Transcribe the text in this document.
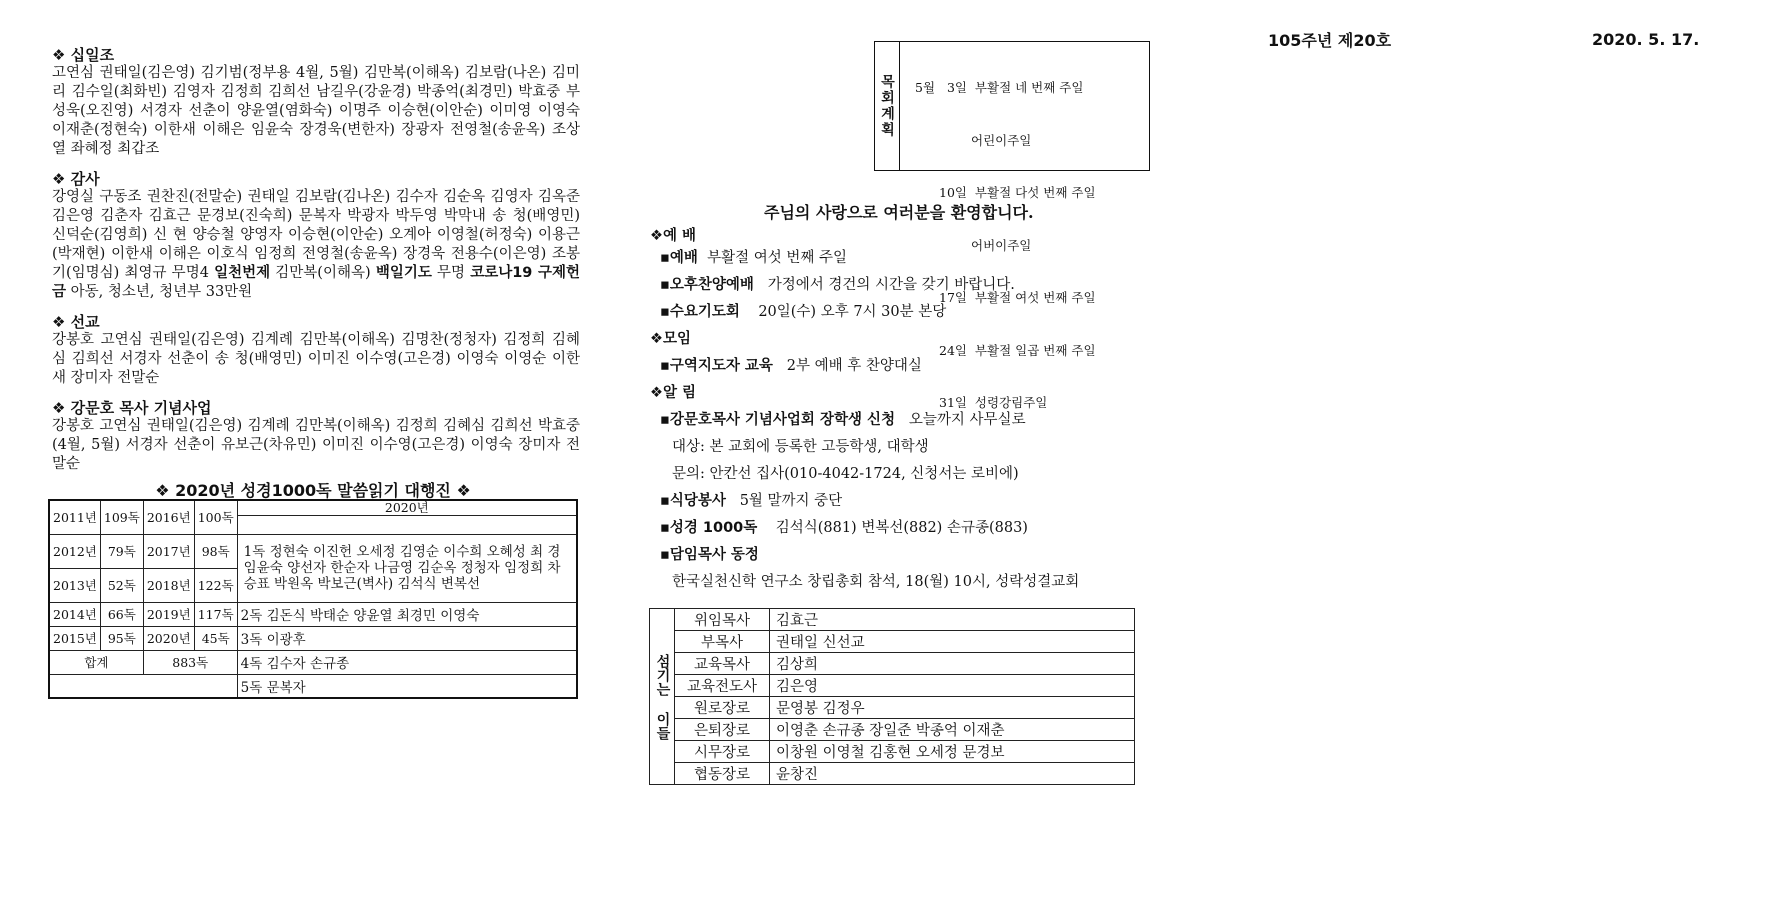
105주년 제20호	2020. 5. 17.
❖ 십일조
고연심 권태일(김은영) 김기범(정부용 4월, 5월) 김만복(이해옥) 김보람(나온) 김미리 김수일(최화빈) 김영자 김정희 김희선 남길우(강윤경) 박종억(최경민) 박효중 부성욱(오진영) 서경자 선춘이 양윤열(염화숙) 이명주 이승현(이안순) 이미영 이영숙 이재춘(정현숙) 이한새 이해은 임윤숙 장경욱(변한자) 장광자 전영철(송윤옥) 조상열 좌혜정 최갑조
❖ 감사
강영실 구동조 권찬진(전말순) 권태일 김보람(김나온) 김수자 김순옥 김영자 김옥준 김은영 김춘자 김효근 문경보(진숙희) 문복자 박광자 박두영 박막내 송 청(배영민) 신덕순(김영희) 신 현 양승철 양영자 이승현(이안순) 오계아 이영철(허정숙) 이용근(박재현) 이한새 이해은 이호식 임정희 전영철(송윤옥) 장경욱 전용수(이은영) 조봉기(임명심) 최영규 무명4 일천번제 김만복(이해옥) 백일기도 무명 코로나19 구제헌금 아동, 청소년, 청년부 33만원
❖ 선교
강봉호 고연심 권태일(김은영) 김계례 김만복(이해옥) 김명찬(정청자) 김정희 김혜심 김희선 서경자 선춘이 송 청(배영민) 이미진 이수영(고은경) 이영숙 이영순 이한새 장미자 전말순
❖ 강문호 목사 기념사업
강봉호 고연심 권태일(김은영) 김계례 김만복(이해옥) 김정희 김혜심 김희선 박효중(4월, 5월) 서경자 선춘이 유보근(차유민) 이미진 이수영(고은경) 이영숙 장미자 전말순
❖ 2020년 성경1000독 말씀읽기 대행진 ❖
2011년	109독	2016년	100독	2020년

2012년	79독	2017년	98독	1독 정현숙 이진헌 오세정 김영순 이수희 오혜성 최 경 임윤숙 양선자 한순자 나금영 김순옥 정청자 임정희 차승표 박원옥 박보근(벽사) 김석식 변복선
2013년	52독	2018년	122독	
2014년	66독	2019년	117독	2독 김돈식 박태순 양윤열 최경민 이영숙
2015년	95독	2020년	45독	3독 이광후
합계		883독		4독 김수자 손규종
				5독 문복자
목회계획

5월   3일  부활절 네 번째 주일

어린이주일

10일  부활절 다섯 번째 주일

어버이주일

17일  부활절 여섯 번째 주일

24일  부활절 일곱 번째 주일

31일  성령강림주일

주님의 사랑으로 여러분을 환영합니다.
❖예 배
▪예배 부활절 여섯 번째 주일
▪오후찬양예배 가정에서 경건의 시간을 갖기 바랍니다.
▪수요기도회 20일(수) 오후 7시 30분 본당
❖모임
▪구역지도자 교육 2부 예배 후 찬양대실
❖알 림
▪강문호목사 기념사업회 장학생 신청 오늘까지 사무실로
대상: 본 교회에 등록한 고등학생, 대학생
문의: 안칸선 집사(010-4042-1724, 신청서는 로비에)
▪식당봉사 5월 말까지 중단
▪성경 1000독 김석식(881) 변복선(882) 손규종(883)
▪담임목사 동정
한국실천신학 연구소 창립총회 참석, 18(월) 10시, 성락성결교회
섬기는 이들	위임목사	김효근
	부목사	권태일 신선교
	교육목사	김상희
	교육전도사	김은영
	원로장로	문영봉 김정우
	은퇴장로	이영춘 손규종 장일준 박종억 이재춘
	시무장로	이창원 이영철 김홍현 오세정 문경보
	협동장로	윤창진
